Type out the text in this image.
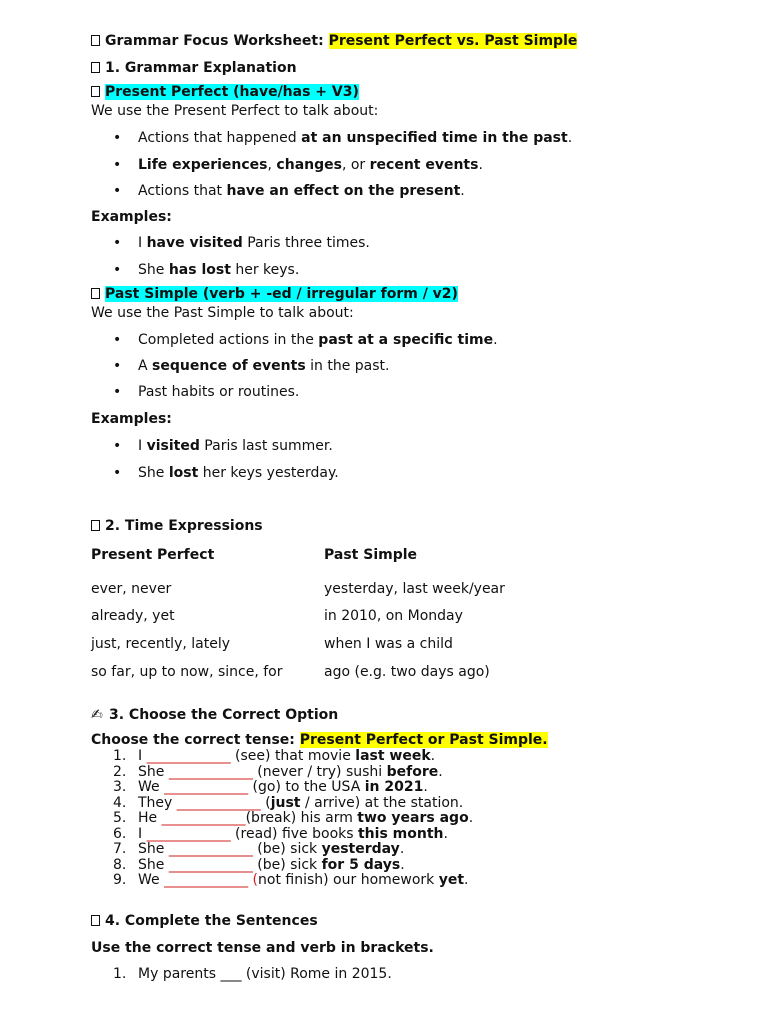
Grammar Focus Worksheet: Present Perfect vs. Past Simple
1. Grammar Explanation
Present Perfect (have/has + V3)
We use the Present Perfect to talk about:
• Actions that happened at an unspecified time in the past.
• Life experiences, changes, or recent events.
• Actions that have an effect on the present.
Examples:
• I have visited Paris three times.
• She has lost her keys.
Past Simple (verb + -ed / irregular form / v2)
We use the Past Simple to talk about:
• Completed actions in the past at a specific time.
• A sequence of events in the past.
• Past habits or routines.
Examples:
• I visited Paris last summer.
• She lost her keys yesterday.
2. Time Expressions
Present Perfect	Past Simple
ever, never	yesterday, last week/year
already, yet	in 2010, on Monday
just, recently, lately	when I was a child
so far, up to now, since, for	ago (e.g. two days ago)
✍ 3. Choose the Correct Option
Choose the correct tense: Present Perfect or Past Simple.
1. I ____________ (see) that movie last week.
2. She ____________ (never / try) sushi before.
3. We ____________ (go) to the USA in 2021.
4. They ____________ (just / arrive) at the station.
5. He ____________(break) his arm two years ago.
6. I ____________ (read) five books this month.
7. She ____________ (be) sick yesterday.
8. She ____________ (be) sick for 5 days.
9. We ____________ (not finish) our homework yet.
4. Complete the Sentences
Use the correct tense and verb in brackets.
1. My parents ___ (visit) Rome in 2015.
